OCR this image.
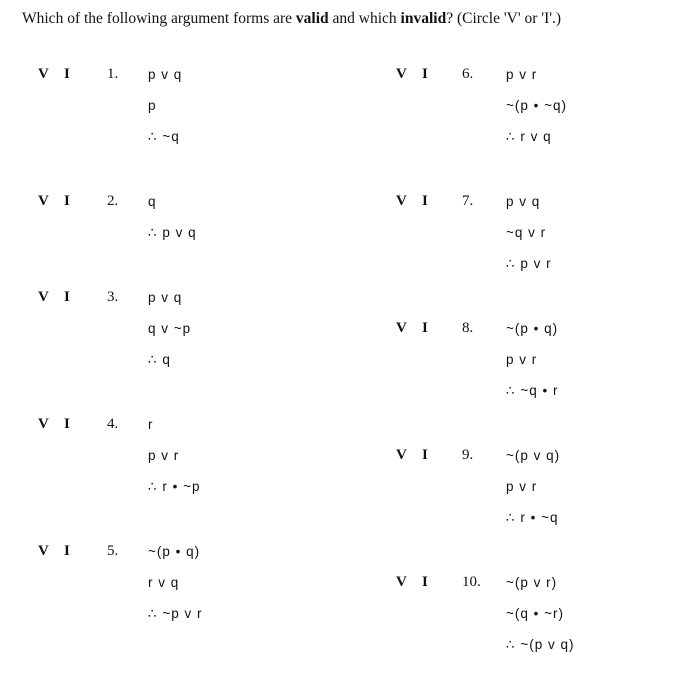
Which of the following argument forms are valid and which invalid? (Circle 'V' or 'I'.)
V I 1. p v q
p
∴ ~q
V I 2. q
∴ p v q
V I 3. p v q
q v ~p
∴ q
V I 4. r
p v r
∴ r • ~p
V I 5. ~(p • q)
r v q
∴ ~p v r
V I 6. p v r
~(p • ~q)
∴ r v q
V I 7. p v q
~q v r
∴ p v r
V I 8. ~(p • q)
p v r
∴ ~q • r
V I 9. ~(p v q)
p v r
∴ r • ~q
V I 10. ~(p v r)
~(q • ~r)
∴ ~(p v q)
